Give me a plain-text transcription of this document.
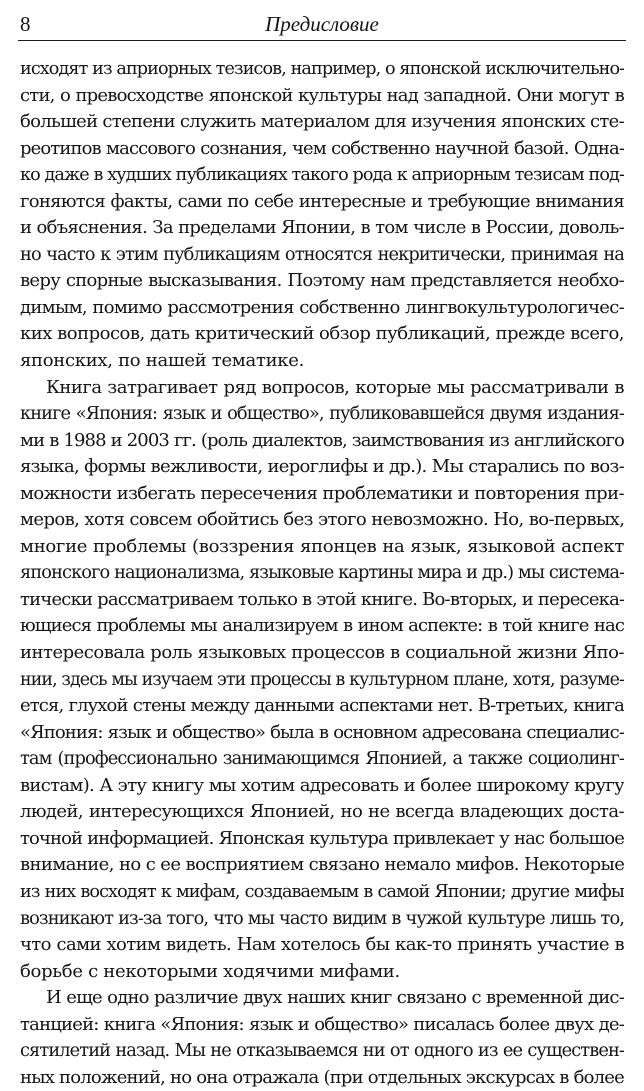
8	Предисловие
исходят из априорных тезисов, например, о японской исключительно-
сти, о превосходстве японской культуры над западной. Они могут в
большей степени служить материалом для изучения японских сте-
реотипов массового сознания, чем собственно научной базой. Одна-
ко даже в худших публикациях такого рода к априорным тезисам под-
гоняются факты, сами по себе интересные и требующие внимания
и объяснения. За пределами Японии, в том числе в России, доволь-
но часто к этим публикациям относятся некритически, принимая на
веру спорные высказывания. Поэтому нам представляется необхо-
димым, помимо рассмотрения собственно лингвокультурологичес-
ких вопросов, дать критический обзор публикаций, прежде всего,
японских, по нашей тематике.
Книга затрагивает ряд вопросов, которые мы рассматривали в
книге «Япония: язык и общество», публиковавшейся двумя издания-
ми в 1988 и 2003 гг. (роль диалектов, заимствования из английского
языка, формы вежливости, иероглифы и др.). Мы старались по воз-
можности избегать пересечения проблематики и повторения при-
меров, хотя совсем обойтись без этого невозможно. Но, во-первых,
многие проблемы (воззрения японцев на язык, языковой аспект
японского национализма, языковые картины мира и др.) мы система-
тически рассматриваем только в этой книге. Во-вторых, и пересека-
ющиеся проблемы мы анализируем в ином аспекте: в той книге нас
интересовала роль языковых процессов в социальной жизни Япо-
нии, здесь мы изучаем эти процессы в культурном плане, хотя, разуме-
ется, глухой стены между данными аспектами нет. В-третьих, книга
«Япония: язык и общество» была в основном адресована специалис-
там (профессионально занимающимся Японией, а также социолинг-
вистам). А эту книгу мы хотим адресовать и более широкому кругу
людей, интересующихся Японией, но не всегда владеющих доста-
точной информацией. Японская культура привлекает у нас большое
внимание, но с ее восприятием связано немало мифов. Некоторые
из них восходят к мифам, создаваемым в самой Японии; другие мифы
возникают из-за того, что мы часто видим в чужой культуре лишь то,
что сами хотим видеть. Нам хотелось бы как-то принять участие в
борьбе с некоторыми ходячими мифами.
И еще одно различие двух наших книг связано с временной дис-
танцией: книга «Япония: язык и общество» писалась более двух де-
сятилетий назад. Мы не отказываемся ни от одного из ее существен-
ных положений, но она отражала (при отдельных экскурсах в более
